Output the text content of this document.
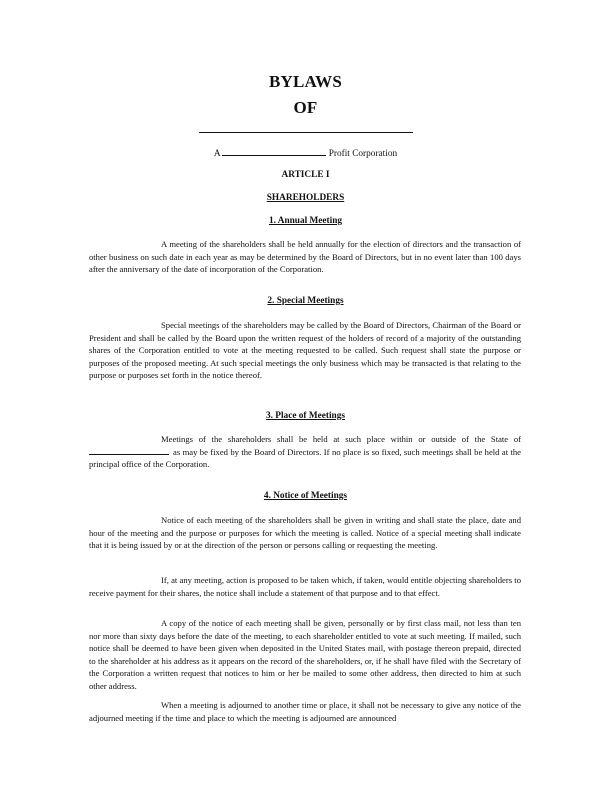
BYLAWS
OF
A	Profit Corporation
ARTICLE I
SHAREHOLDERS
1. Annual Meeting

A meeting of the shareholders shall be held annually for the election of directors and the transaction of other business on such date in each year as may be determined by the Board of Directors, but in no event later than 100 days after the anniversary of the date of incorporation of the Corporation.

2. Special Meetings

Special meetings of the shareholders may be called by the Board of Directors, Chairman of the Board or President and shall be called by the Board upon the written request of the holders of record of a majority of the outstanding shares of the Corporation entitled to vote at the meeting requested to be called. Such request shall state the purpose or purposes of the proposed meeting. At such special meetings the only business which may be transacted is that relating to the purpose or purposes set forth in the notice thereof.

3. Place of Meetings
Meetings of the shareholders shall be held at such place within or outside of the State of as may be fixed by the Board of Directors. If no place is so fixed, such meetings shall be held at the principal office of the Corporation.
4. Notice of Meetings

Notice of each meeting of the shareholders shall be given in writing and shall state the place, date and hour of the meeting and the purpose or purposes for which the meeting is called. Notice of a special meeting shall indicate that it is being issued by or at the direction of the person or persons calling or requesting the meeting.

If, at any meeting, action is proposed to be taken which, if taken, would entitle objecting shareholders to receive payment for their shares, the notice shall include a statement of that purpose and to that effect.

A copy of the notice of each meeting shall be given, personally or by first class mail, not less than ten nor more than sixty days before the date of the meeting, to each shareholder entitled to vote at such meeting. If mailed, such notice shall be deemed to have been given when deposited in the United States mail, with postage thereon prepaid, directed to the shareholder at his address as it appears on the record of the shareholders, or, if he shall have filed with the Secretary of the Corporation a written request that notices to him or her be mailed to some other address, then directed to him at such other address.

When a meeting is adjourned to another time or place, it shall not be necessary to give any notice of the adjourned meeting if the time and place to which the meeting is adjourned are announced
